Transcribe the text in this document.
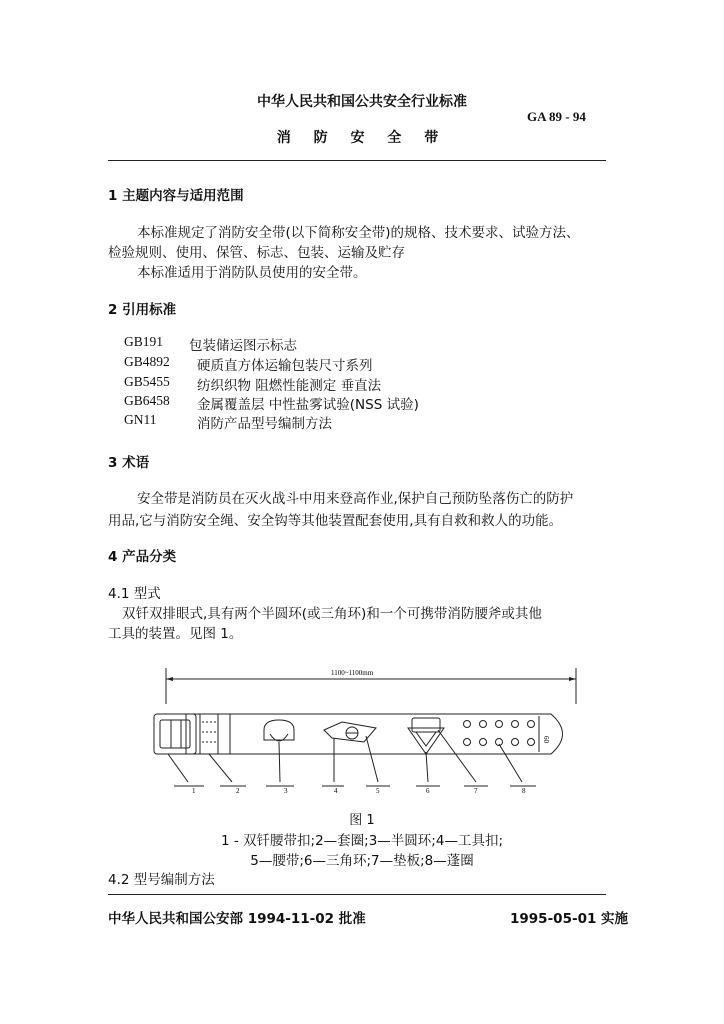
中华人民共和国公共安全行业标准
GA 89 - 94
消 防 安 全 带
1 主题内容与适用范围
本标准规定了消防安全带(以下简称安全带)的规格、技术要求、试验方法、
检验规则、使用、保管、标志、包装、运输及贮存
本标准适用于消防队员使用的安全带。
2 引用标准
GB191 包装储运图示标志
GB4892 硬质直方体运输包装尺寸系列
GB5455 纺织织物 阻燃性能测定 垂直法
GB6458 金属覆盖层 中性盐雾试验(NSS 试验)
GN11	消防产品型号编制方法
3 术语
安全带是消防员在灭火战斗中用来登高作业,保护自己预防坠落伤亡的防护
用品,它与消防安全绳、安全钩等其他装置配套使用,具有自救和救人的功能。
4 产品分类
4.1 型式
双钎双排眼式,具有两个半圆环(或三角环)和一个可携带消防腰斧或其他
工具的装置。见图 1。
1100~1100mm
60
1	2	3	4	5	6	7	8
图 1
1 - 双钎腰带扣;2—套圈;3—半圆环;4—工具扣;
5—腰带;6—三角环;7—垫板;8—蓬圈
4.2 型号编制方法
中华人民共和国公安部 1994-11-02 批准	1995-05-01 实施
